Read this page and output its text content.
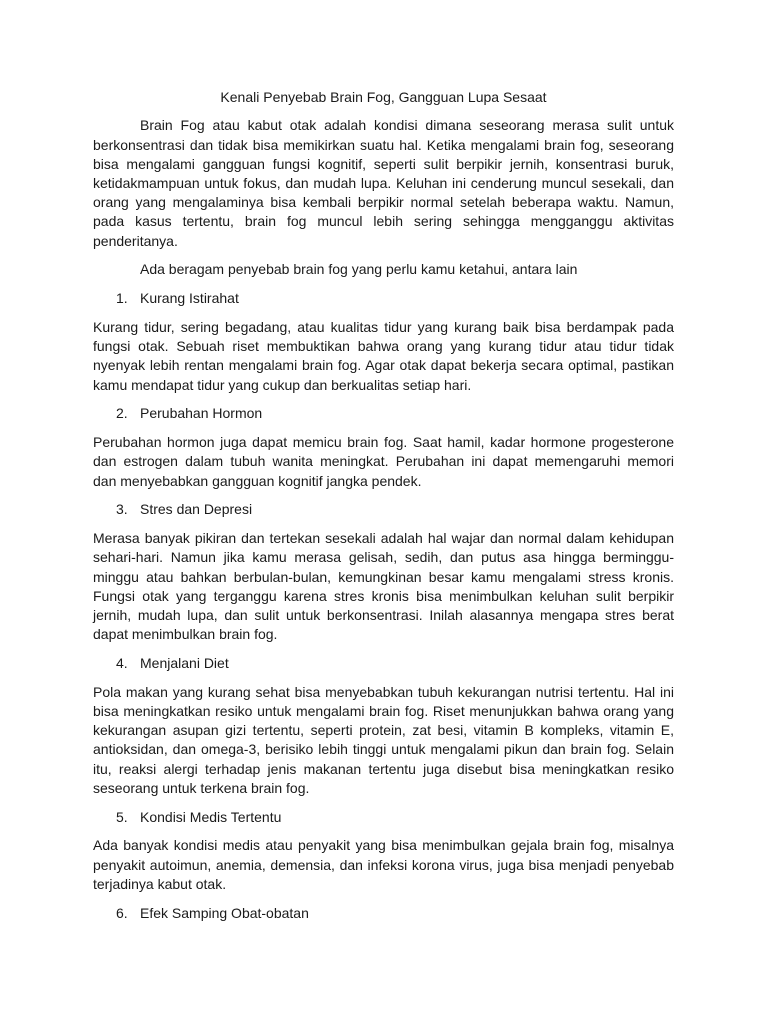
Kenali Penyebab Brain Fog, Gangguan Lupa Sesaat
Brain Fog atau kabut otak adalah kondisi dimana seseorang merasa sulit untuk
berkonsentrasi dan tidak bisa memikirkan suatu hal. Ketika mengalami brain fog, seseorang
bisa mengalami gangguan fungsi kognitif, seperti sulit berpikir jernih, konsentrasi buruk,
ketidakmampuan untuk fokus, dan mudah lupa. Keluhan ini cenderung muncul sesekali, dan
orang yang mengalaminya bisa kembali berpikir normal setelah beberapa waktu. Namun,
pada kasus tertentu, brain fog muncul lebih sering sehingga mengganggu aktivitas
penderitanya.
Ada beragam penyebab brain fog yang perlu kamu ketahui, antara lain
1. Kurang Istirahat
Kurang tidur, sering begadang, atau kualitas tidur yang kurang baik bisa berdampak pada
fungsi otak. Sebuah riset membuktikan bahwa orang yang kurang tidur atau tidur tidak
nyenyak lebih rentan mengalami brain fog. Agar otak dapat bekerja secara optimal, pastikan
kamu mendapat tidur yang cukup dan berkualitas setiap hari.
2. Perubahan Hormon
Perubahan hormon juga dapat memicu brain fog. Saat hamil, kadar hormone progesterone
dan estrogen dalam tubuh wanita meningkat. Perubahan ini dapat memengaruhi memori
dan menyebabkan gangguan kognitif jangka pendek.
3. Stres dan Depresi
Merasa banyak pikiran dan tertekan sesekali adalah hal wajar dan normal dalam kehidupan
sehari-hari. Namun jika kamu merasa gelisah, sedih, dan putus asa hingga berminggu-
minggu atau bahkan berbulan-bulan, kemungkinan besar kamu mengalami stress kronis.
Fungsi otak yang terganggu karena stres kronis bisa menimbulkan keluhan sulit berpikir
jernih, mudah lupa, dan sulit untuk berkonsentrasi. Inilah alasannya mengapa stres berat
dapat menimbulkan brain fog.
4. Menjalani Diet
Pola makan yang kurang sehat bisa menyebabkan tubuh kekurangan nutrisi tertentu. Hal ini
bisa meningkatkan resiko untuk mengalami brain fog. Riset menunjukkan bahwa orang yang
kekurangan asupan gizi tertentu, seperti protein, zat besi, vitamin B kompleks, vitamin E,
antioksidan, dan omega-3, berisiko lebih tinggi untuk mengalami pikun dan brain fog. Selain
itu, reaksi alergi terhadap jenis makanan tertentu juga disebut bisa meningkatkan resiko
seseorang untuk terkena brain fog.
5. Kondisi Medis Tertentu
Ada banyak kondisi medis atau penyakit yang bisa menimbulkan gejala brain fog, misalnya
penyakit autoimun, anemia, demensia, dan infeksi korona virus, juga bisa menjadi penyebab
terjadinya kabut otak.
6. Efek Samping Obat-obatan
